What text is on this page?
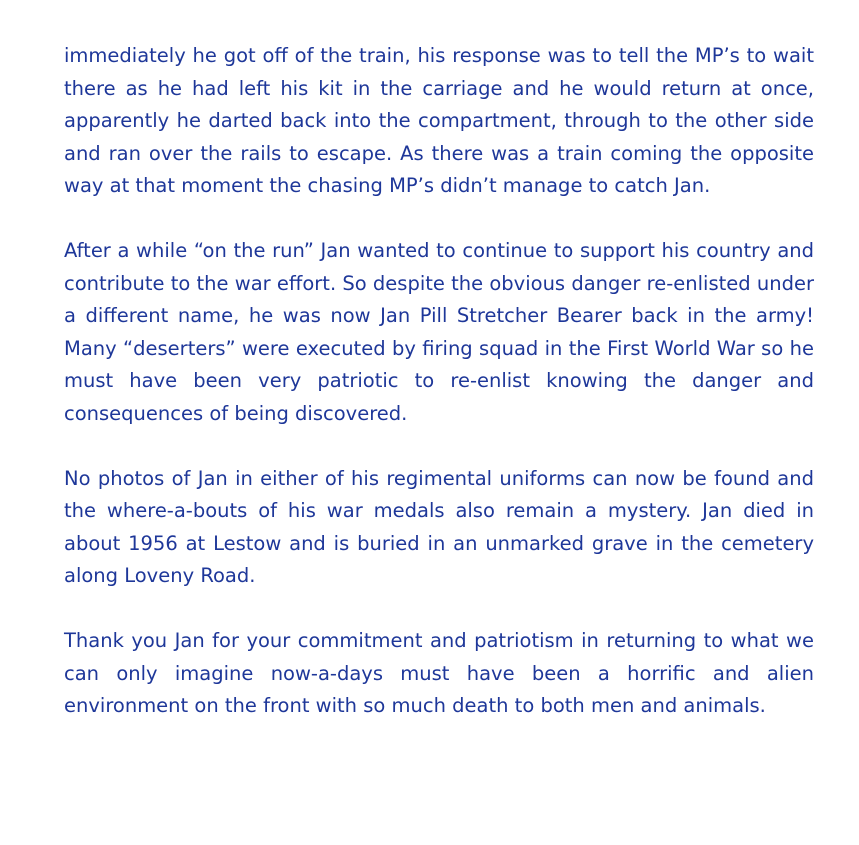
immediately he got off of the train, his response was to tell the MP’s to wait there as he had left his kit in the carriage and he would return at once, apparently he darted back into the compartment, through to the other side and ran over the rails to escape. As there was a train coming the opposite way at that moment the chasing MP’s didn’t manage to catch Jan.

After a while “on the run” Jan wanted to continue to support his country and contribute to the war effort. So despite the obvious danger re-enlisted under a different name, he was now Jan Pill Stretcher Bearer back in the army! Many “deserters” were executed by firing squad in the First World War so he must have been very patriotic to re-enlist knowing the danger and consequences of being discovered.

No photos of Jan in either of his regimental uniforms can now be found and the where-a-bouts of his war medals also remain a mystery. Jan died in about 1956 at Lestow and is buried in an unmarked grave in the cemetery along Loveny Road.

Thank you Jan for your commitment and patriotism in returning to what we can only imagine now-a-days must have been a horrific and alien environment on the front with so much death to both men and animals.
